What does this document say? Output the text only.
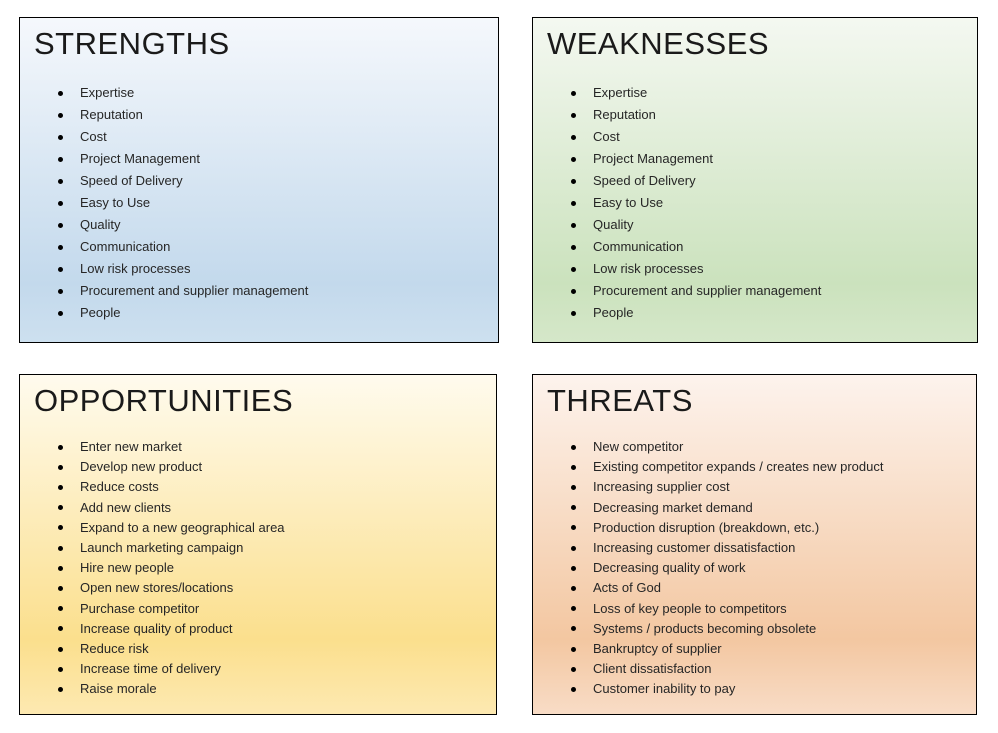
STRENGTHS
Expertise
Reputation
Cost
Project Management
Speed of Delivery
Easy to Use
Quality
Communication
Low risk processes
Procurement and supplier management
People
WEAKNESSES
Expertise
Reputation
Cost
Project Management
Speed of Delivery
Easy to Use
Quality
Communication
Low risk processes
Procurement and supplier management
People
OPPORTUNITIES
Enter new market
Develop new product
Reduce costs
Add new clients
Expand to a new geographical area
Launch marketing campaign
Hire new people
Open new stores/locations
Purchase competitor
Increase quality of product
Reduce risk
Increase time of delivery
Raise morale
THREATS
New competitor
Existing competitor expands / creates new product
Increasing supplier cost
Decreasing market demand
Production disruption (breakdown, etc.)
Increasing customer dissatisfaction
Decreasing quality of work
Acts of God
Loss of key people to competitors
Systems / products becoming obsolete
Bankruptcy of supplier
Client dissatisfaction
Customer inability to pay
